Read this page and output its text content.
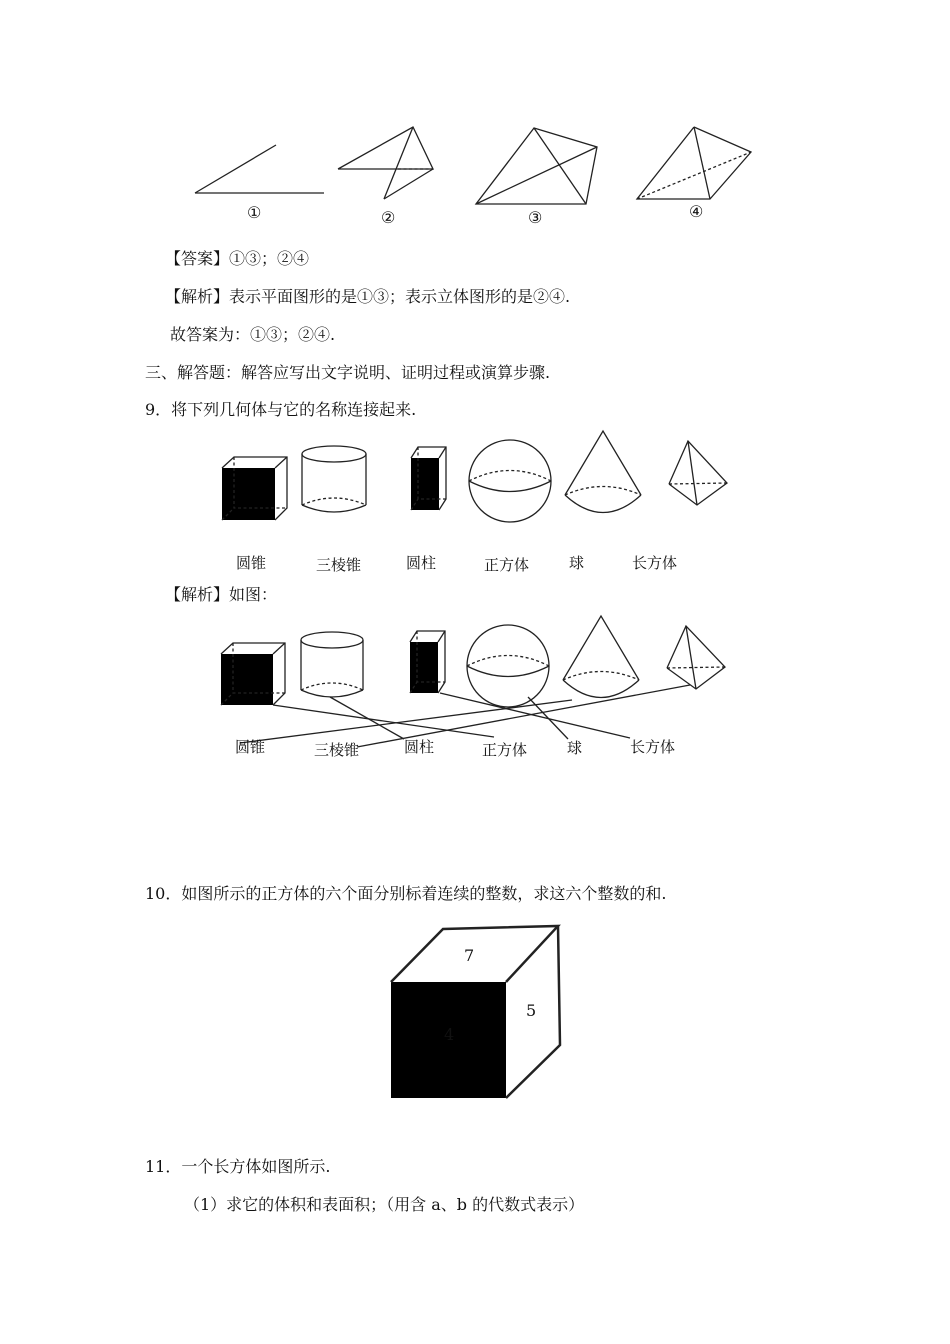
①	②	③	④
【答案】①③；②④
【解析】表示平面图形的是①③；表示立体图形的是②④.
故答案为：①③；②④.
三、解答题：解答应写出文字说明、证明过程或演算步骤.
9．将下列几何体与它的名称连接起来.
圆锥	三棱锥	圆柱	正方体	球	长方体
【解析】如图：
圆锥	三棱锥	圆柱	正方体	球	长方体
10．如图所示的正方体的六个面分别标着连续的整数，求这六个整数的和.
7
4
5
11．一个长方体如图所示.
（1）求它的体积和表面积；（用含 a、b 的代数式表示）
